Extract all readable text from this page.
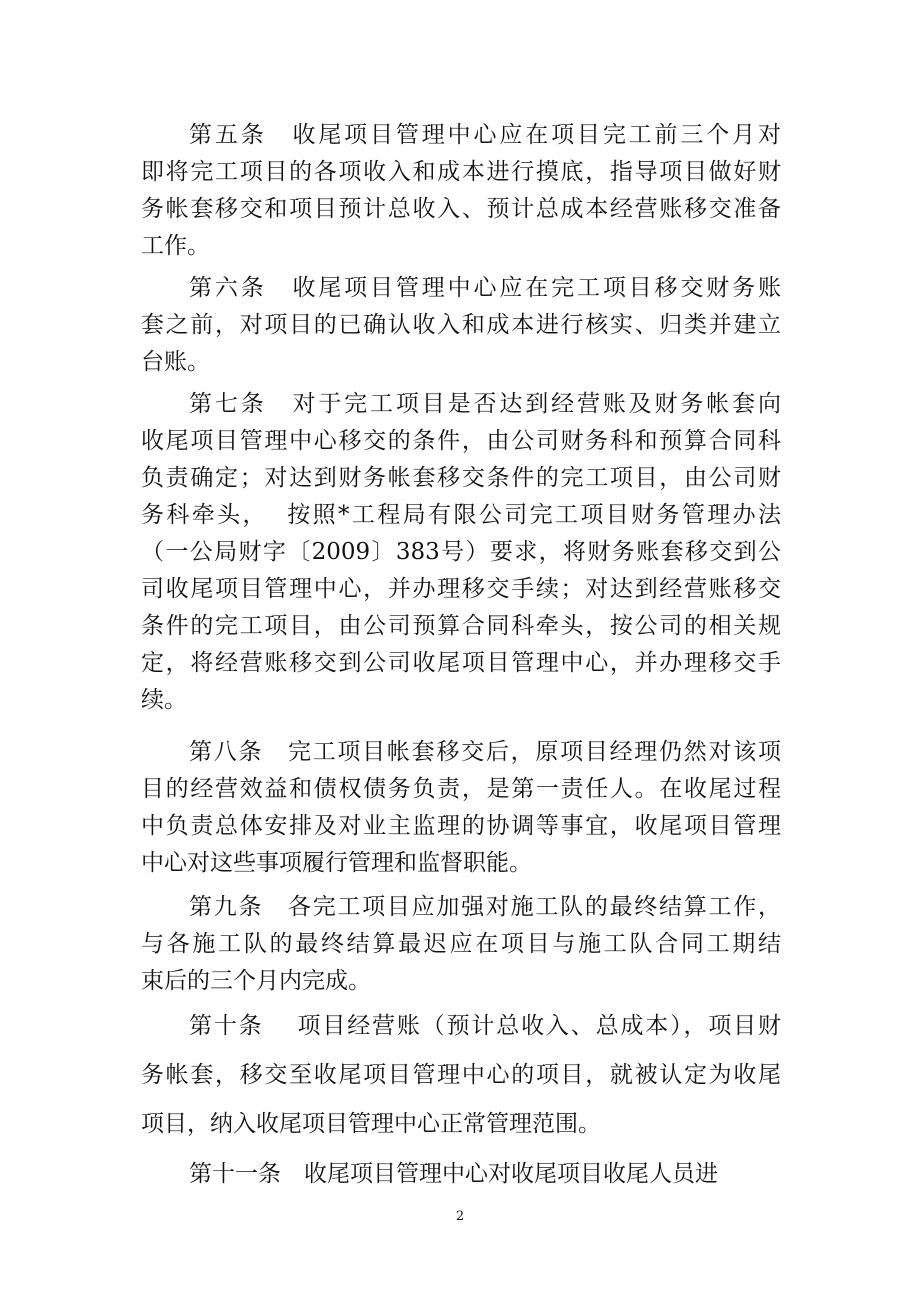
第五条　收尾项目管理中心应在项目完工前三个月对
即将完工项目的各项收入和成本进行摸底，指导项目做好财
务帐套移交和项目预计总收入、预计总成本经营账移交准备
工作。

第六条　收尾项目管理中心应在完工项目移交财务账
套之前，对项目的已确认收入和成本进行核实、归类并建立
台账。

第七条　对于完工项目是否达到经营账及财务帐套向
收尾项目管理中心移交的条件，由公司财务科和预算合同科
负责确定；对达到财务帐套移交条件的完工项目，由公司财
务科牵头，  按照*工程局有限公司完工项目财务管理办法
（一公局财字〔2009〕383号）要求，将财务账套移交到公
司收尾项目管理中心，并办理移交手续；对达到经营账移交
条件的完工项目，由公司预算合同科牵头，按公司的相关规
定，将经营账移交到公司收尾项目管理中心，并办理移交手
续。

第八条　完工项目帐套移交后，原项目经理仍然对该项
目的经营效益和债权债务负责，是第一责任人。在收尾过程
中负责总体安排及对业主监理的协调等事宜，收尾项目管理
中心对这些事项履行管理和监督职能。

第九条　各完工项目应加强对施工队的最终结算工作，
与各施工队的最终结算最迟应在项目与施工队合同工期结
束后的三个月内完成。

第十条　 项目经营账（预计总收入、总成本），项目财
务帐套，移交至收尾项目管理中心的项目，就被认定为收尾
项目，纳入收尾项目管理中心正常管理范围。

第十一条　收尾项目管理中心对收尾项目收尾人员进

2
